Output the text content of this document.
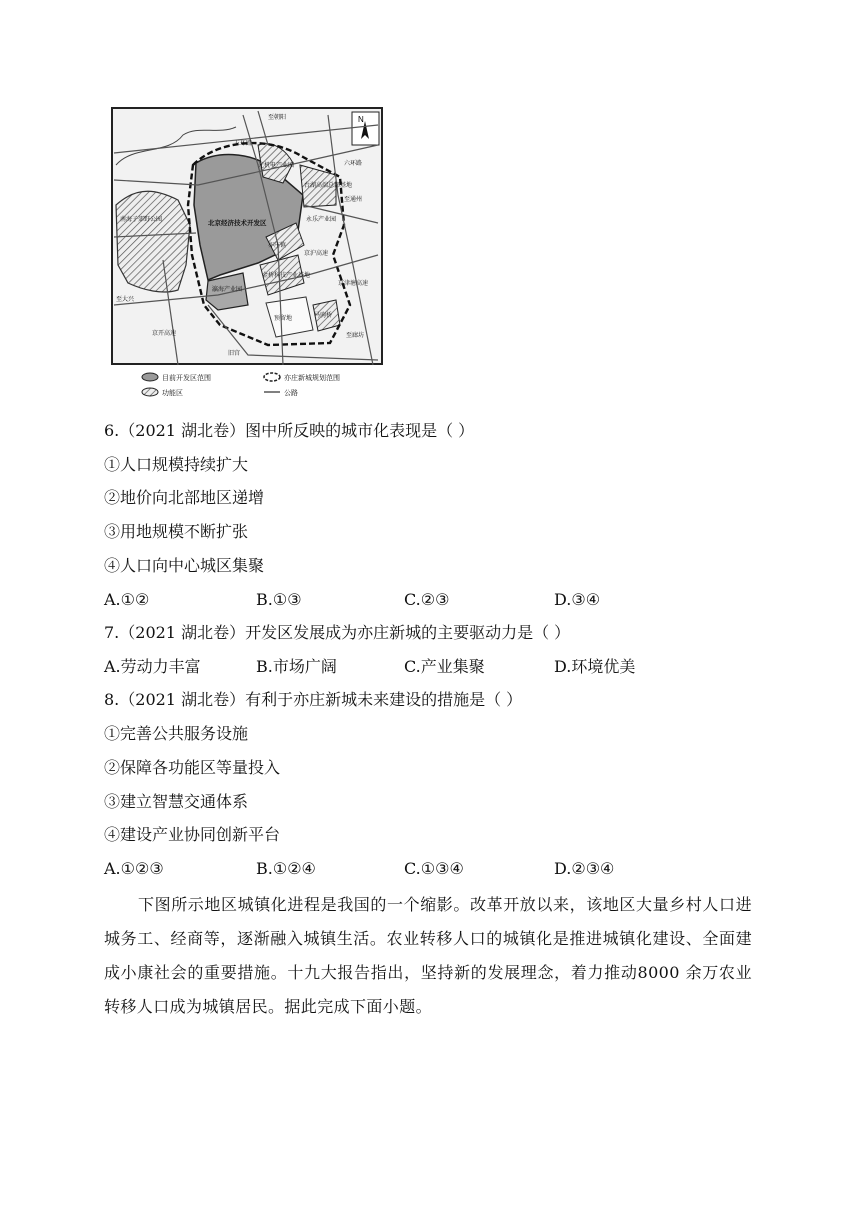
N
至朝阳
五环路
六环路
至通州
至大兴
京开高速
北京经济技术开发区
光机电产业园
台湖高端总部基地
亦庄镇
永乐产业园
金桥科技产业基地
瀛海产业园
预留地	马驹桥
南海子郊野公园
旧宫
京津塘高速
至廊坊
京沪高速
目前开发区范围	亦庄新城规划范围
功能区	公路
6.（2021 湖北卷）图中所反映的城市化表现是（ ）
①人口规模持续扩大
②地价向北部地区递增
③用地规模不断扩张
④人口向中心城区集聚
A.①②	B.①③	C.②③	D.③④
7.（2021 湖北卷）开发区发展成为亦庄新城的主要驱动力是（ ）
A.劳动力丰富	B.市场广阔	C.产业集聚	D.环境优美
8.（2021 湖北卷）有利于亦庄新城未来建设的措施是（ ）
①完善公共服务设施
②保障各功能区等量投入
③建立智慧交通体系
④建设产业协同创新平台
A.①②③	B.①②④	C.①③④	D.②③④
下图所示地区城镇化进程是我国的一个缩影。改革开放以来，该地区大量乡村人口进城务工、经商等，逐渐融入城镇生活。农业转移人口的城镇化是推进城镇化建设、全面建成小康社会的重要措施。十九大报告指出，坚持新的发展理念，着力推动8000 余万农业转移人口成为城镇居民。据此完成下面小题。
